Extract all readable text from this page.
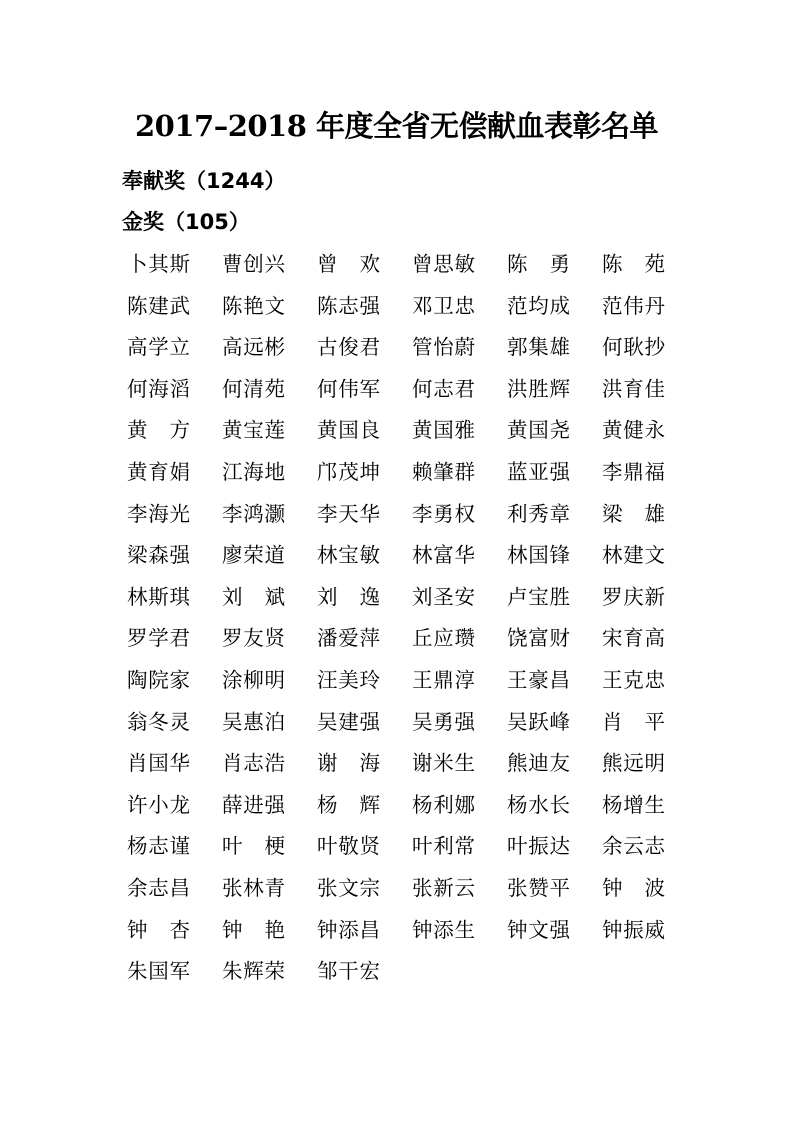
2017–2018 年度全省无偿献血表彰名单
奉献奖（1244）
金奖（105）
卜其斯	曹创兴	曾 欢	曾思敏	陈 勇	陈 苑
陈建武	陈艳文	陈志强	邓卫忠	范均成	范伟丹
高学立	高远彬	古俊君	管怡蔚	郭集雄	何耿抄
何海滔	何清苑	何伟军	何志君	洪胜辉	洪育佳
黄 方	黄宝莲	黄国良	黄国雅	黄国尧	黄健永
黄育娟	江海地	邝茂坤	赖肇群	蓝亚强	李鼎福
李海光	李鸿灏	李天华	李勇权	利秀章	梁 雄
梁森强	廖荣道	林宝敏	林富华	林国锋	林建文
林斯琪	刘 斌	刘 逸	刘圣安	卢宝胜	罗庆新
罗学君	罗友贤	潘爱萍	丘应瓒	饶富财	宋育高
陶院家	涂柳明	汪美玲	王鼎淳	王豪昌	王克忠
翁冬灵	吴惠泊	吴建强	吴勇强	吴跃峰	肖 平
肖国华	肖志浩	谢 海	谢米生	熊迪友	熊远明
许小龙	薛进强	杨 辉	杨利娜	杨水长	杨增生
杨志谨	叶 梗	叶敬贤	叶利常	叶振达	余云志
余志昌	张林青	张文宗	张新云	张赞平	钟 波
钟 杏	钟 艳	钟添昌	钟添生	钟文强	钟振威
朱国军	朱辉荣	邹干宏
